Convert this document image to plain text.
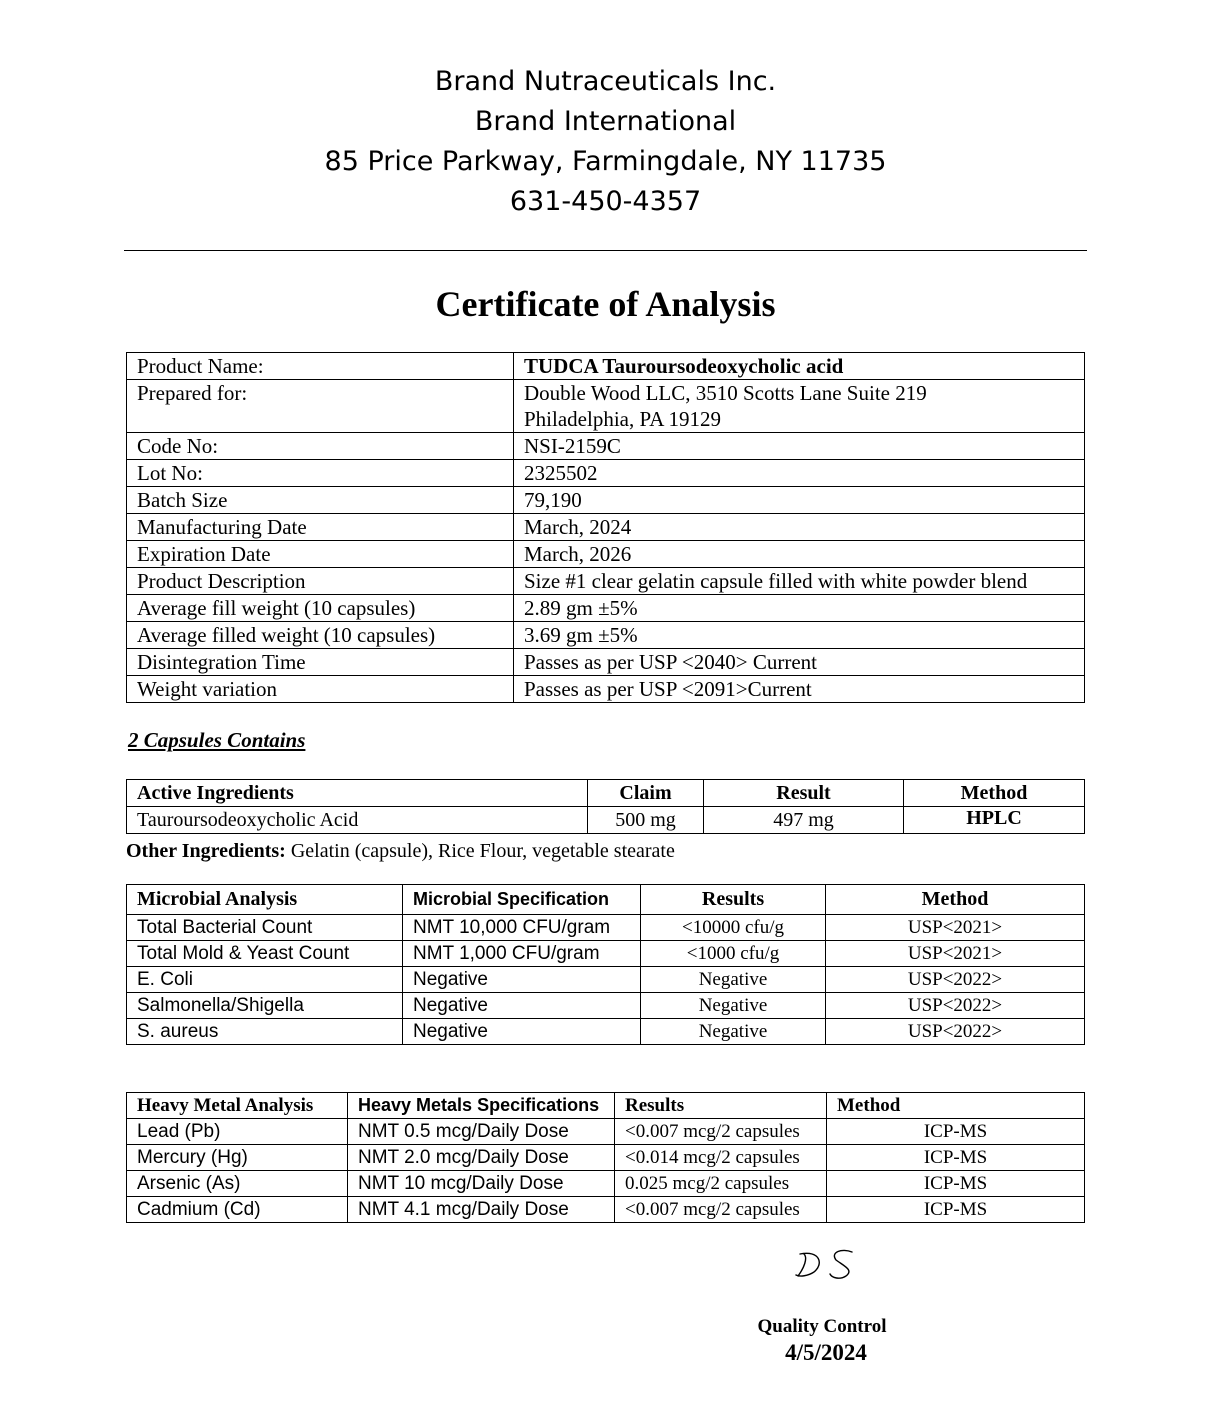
Brand Nutraceuticals Inc.
Brand International
85 Price Parkway, Farmingdale, NY 11735
631-450-4357
Certificate of Analysis
Product Name:	TUDCA Tauroursodeoxycholic acid
Prepared for:	Double Wood LLC, 3510 Scotts Lane Suite 219
Philadelphia, PA 19129

Code No:	NSI-2159C
Lot No:	2325502
Batch Size	79,190
Manufacturing Date	March, 2024
Expiration Date	March, 2026
Product Description	Size #1 clear gelatin capsule filled with white powder blend
Average fill weight (10 capsules)	2.89 gm ±5%
Average filled weight (10 capsules)	3.69 gm ±5%
Disintegration Time	Passes as per USP <2040> Current
Weight variation	Passes as per USP <2091>Current
2 Capsules Contains
Active Ingredients	Claim	Result	Method
Tauroursodeoxycholic Acid	500 mg	497 mg	HPLC
Other Ingredients: Gelatin (capsule), Rice Flour, vegetable stearate
Microbial Analysis	Microbial Specification	Results	Method
Total Bacterial Count	NMT 10,000 CFU/gram	<10000 cfu/g	USP<2021>
Total Mold & Yeast Count	NMT 1,000 CFU/gram	<1000 cfu/g	USP<2021>
E. Coli	Negative	Negative	USP<2022>
Salmonella/Shigella	Negative	Negative	USP<2022>
S. aureus	Negative	Negative	USP<2022>
Heavy Metal Analysis	Heavy Metals Specifications	Results	Method
Lead (Pb)	NMT 0.5 mcg/Daily Dose	<0.007 mcg/2 capsules	ICP-MS
Mercury (Hg)	NMT 2.0 mcg/Daily Dose	<0.014 mcg/2 capsules	ICP-MS
Arsenic (As)	NMT 10 mcg/Daily Dose	0.025 mcg/2 capsules	ICP-MS
Cadmium (Cd)	NMT 4.1 mcg/Daily Dose	<0.007 mcg/2 capsules	ICP-MS
Quality Control
4/5/2024
